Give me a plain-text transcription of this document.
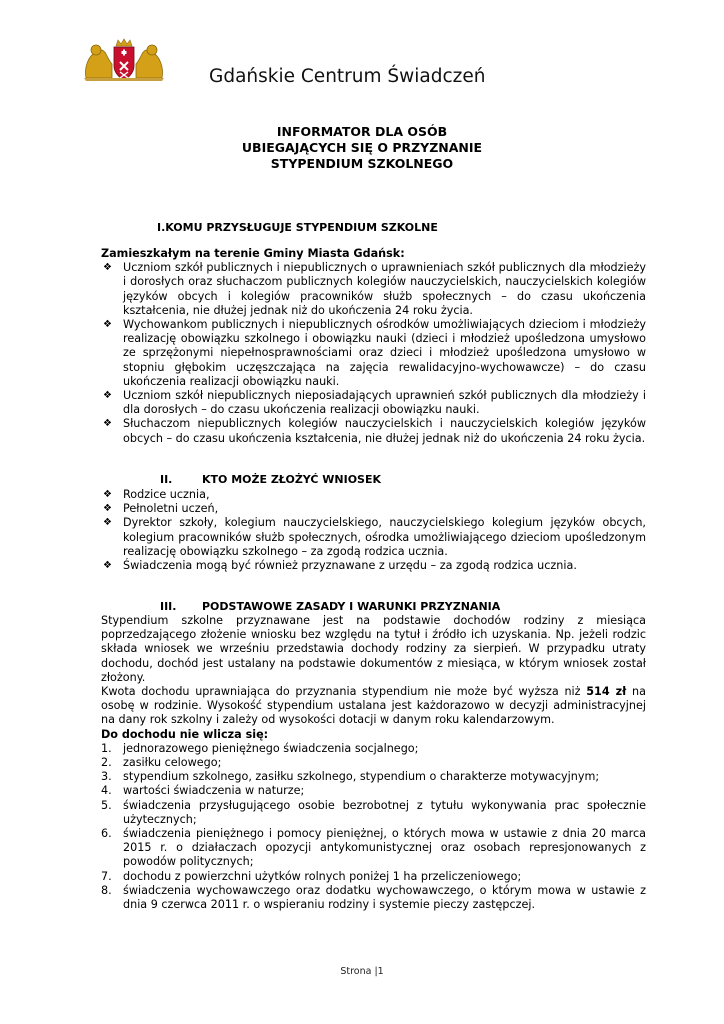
Gdańskie Centrum Świadczeń
INFORMATOR DLA OSÓB
UBIEGAJĄCYCH SIĘ O PRZYZNANIE
STYPENDIUM SZKOLNEGO
I.KOMU PRZYSŁUGUJE STYPENDIUM SZKOLNE
Zamieszkałym na terenie Gminy Miasta Gdańsk:
❖ Uczniom szkół publicznych i niepublicznych o uprawnieniach szkół publicznych dla młodzieży i dorosłych oraz słuchaczom publicznych kolegiów nauczycielskich, nauczycielskich kolegiów języków obcych i kolegiów pracowników służb społecznych – do czasu ukończenia kształcenia, nie dłużej jednak niż do ukończenia 24 roku życia.
❖ Wychowankom publicznych i niepublicznych ośrodków umożliwiających dzieciom i młodzieży realizację obowiązku szkolnego i obowiązku nauki (dzieci i młodzież upośledzona umysłowo ze sprzężonymi niepełnosprawnościami oraz dzieci i młodzież upośledzona umysłowo w stopniu głębokim uczęszczająca na zajęcia rewalidacyjno-wychowawcze) – do czasu ukończenia realizacji obowiązku nauki.
❖ Uczniom szkół niepublicznych nieposiadających uprawnień szkół publicznych dla młodzieży i dla dorosłych – do czasu ukończenia realizacji obowiązku nauki.
❖ Słuchaczom niepublicznych kolegiów nauczycielskich i nauczycielskich kolegiów języków obcych – do czasu ukończenia kształcenia, nie dłużej jednak niż do ukończenia 24 roku życia.
II.	KTO MOŻE ZŁOŻYĆ WNIOSEK
❖ Rodzice ucznia,
❖ Pełnoletni uczeń,
❖ Dyrektor szkoły, kolegium nauczycielskiego, nauczycielskiego kolegium języków obcych, kolegium pracowników służb społecznych, ośrodka umożliwiającego dzieciom upośledzonym realizację obowiązku szkolnego – za zgodą rodzica ucznia.
❖ Świadczenia mogą być również przyznawane z urzędu – za zgodą rodzica ucznia.
III. PODSTAWOWE ZASADY I WARUNKI PRZYZNANIA

Stypendium szkolne przyznawane jest na podstawie dochodów rodziny z miesiąca poprzedzającego złożenie wniosku bez względu na tytuł i źródło ich uzyskania. Np. jeżeli rodzic składa wniosek we wrześniu przedstawia dochody rodziny za sierpień. W przypadku utraty dochodu, dochód jest ustalany na podstawie dokumentów z miesiąca, w którym wniosek został złożony.

Kwota dochodu uprawniająca do przyznania stypendium nie może być wyższa niż 514 zł na osobę w rodzinie. Wysokość stypendium ustalana jest każdorazowo w decyzji administracyjnej na dany rok szkolny i zależy od wysokości dotacji w danym roku kalendarzowym.

Do dochodu nie wlicza się:
1. jednorazowego pieniężnego świadczenia socjalnego;
2. zasiłku celowego;
3. stypendium szkolnego, zasiłku szkolnego, stypendium o charakterze motywacyjnym;
4. wartości świadczenia w naturze;
5. świadczenia przysługującego osobie bezrobotnej z tytułu wykonywania prac społecznie użytecznych;
6. świadczenia pieniężnego i pomocy pieniężnej, o których mowa w ustawie z dnia 20 marca 2015 r. o działaczach opozycji antykomunistycznej oraz osobach represjonowanych z powodów politycznych;
7. dochodu z powierzchni użytków rolnych poniżej 1 ha przeliczeniowego;
8. świadczenia wychowawczego oraz dodatku wychowawczego, o którym mowa w ustawie z dnia 9 czerwca 2011 r. o wspieraniu rodziny i systemie pieczy zastępczej.
Strona |1
